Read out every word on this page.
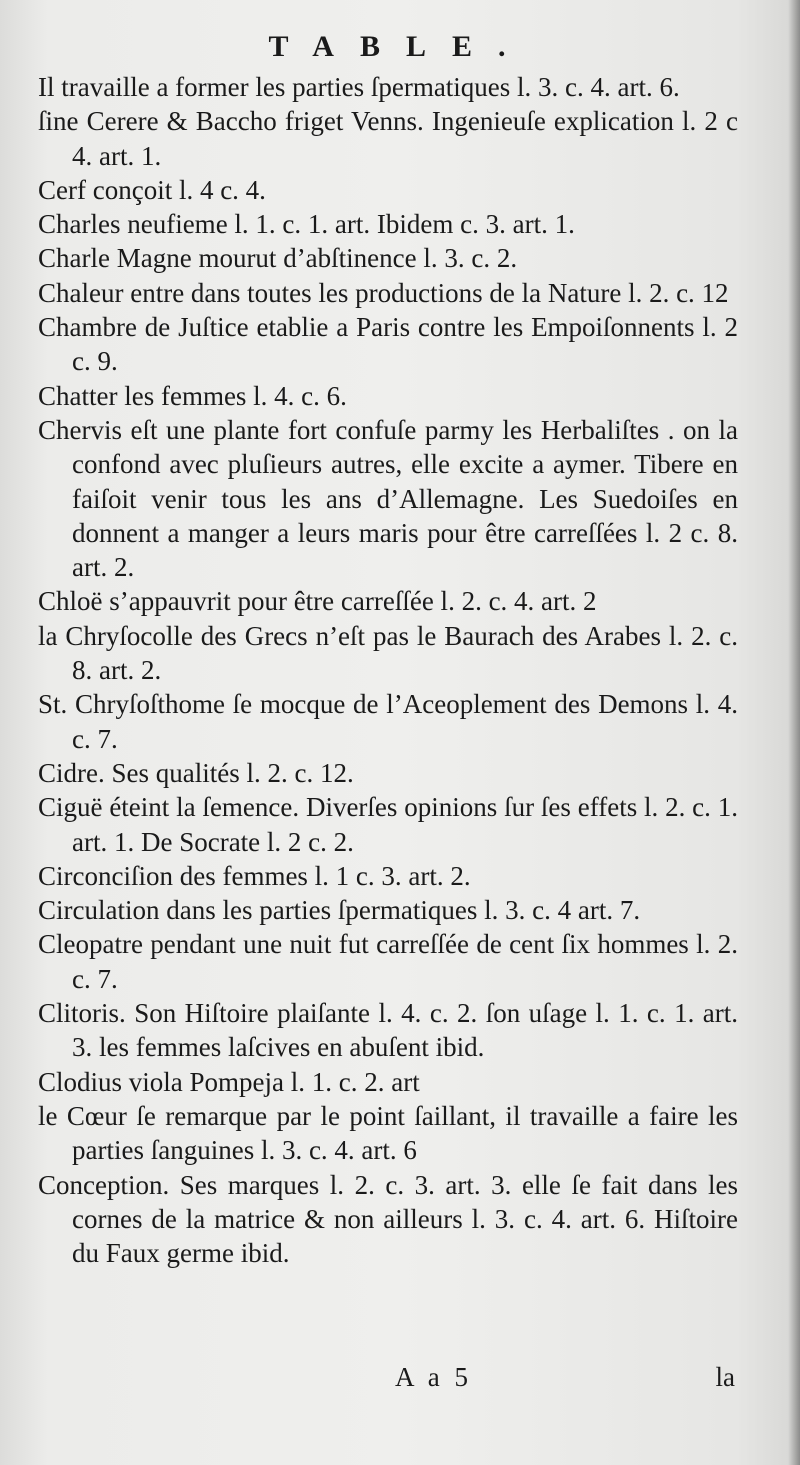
TABLE.

Il travaille a former les parties ſpermatiques l. 3. c. 4. art. 6.

ſine Cerere & Baccho friget Venns. Ingenieuſe explication l. 2 c 4. art. 1.

Cerf conçoit l. 4 c. 4.

Charles neufieme l. 1. c. 1. art. Ibidem c. 3. art. 1.

Charle Magne mourut d’abſtinence l. 3. c. 2.

Chaleur entre dans toutes les productions de la Nature l. 2. c. 12

Chambre de Juſtice etablie a Paris contre les Empoiſonnents l. 2 c. 9.

Chatter les femmes l. 4. c. 6.

Chervis eſt une plante fort confuſe parmy les Herbaliſtes . on la confond avec pluſieurs autres, elle excite a aymer. Tibere en faiſoit venir tous les ans d’Allemagne. Les Suedoiſes en donnent a manger a leurs maris pour être carreſſées l. 2 c. 8. art. 2.

Chloë s’appauvrit pour être carreſſée l. 2. c. 4. art. 2

la Chryſocolle des Grecs n’eſt pas le Baurach des Arabes l. 2. c. 8. art. 2.

St. Chryſoſthome ſe mocque de l’Aceoplement des Demons l. 4. c. 7.

Cidre. Ses qualités l. 2. c. 12.

Ciguë éteint la ſemence. Diverſes opinions ſur ſes effets l. 2. c. 1. art. 1. De Socrate l. 2 c. 2.

Circonciſion des femmes l. 1 c. 3. art. 2.

Circulation dans les parties ſpermatiques l. 3. c. 4 art. 7.

Cleopatre pendant une nuit fut carreſſée de cent ſix hommes l. 2. c. 7.

Clitoris. Son Hiſtoire plaiſante l. 4. c. 2. ſon uſage l. 1. c. 1. art. 3. les femmes laſcives en abuſent ibid.

Clodius viola Pompeja l. 1. c. 2. art

le Cœur ſe remarque par le point ſaillant, il travaille a faire les parties ſanguines l. 3. c. 4. art. 6

Conception. Ses marques l. 2. c. 3. art. 3. elle ſe fait dans les cornes de la matrice & non ailleurs l. 3. c. 4. art. 6. Hiſtoire du Faux germe ibid.

A a 5	la
